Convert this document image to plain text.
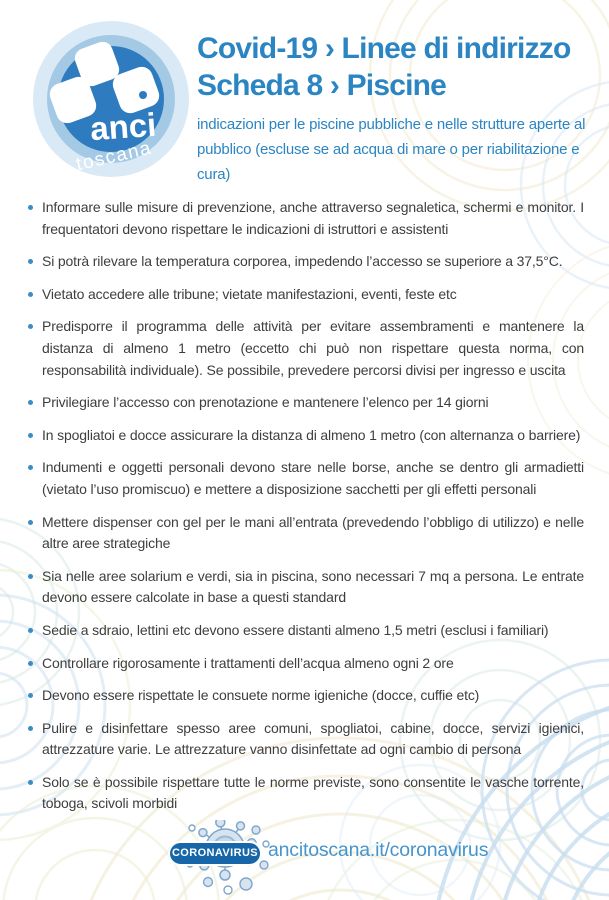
anci
toscana
Covid-19 › Linee di indirizzo
Scheda 8 › Piscine
indicazioni per le piscine pubbliche e nelle strutture aperte al pubblico (escluse se ad acqua di mare o per riabilitazione e cura)
Informare sulle misure di prevenzione, anche attraverso segnaletica, schermi e monitor. I frequentatori devono rispettare le indicazioni di istruttori e assistenti
Si potrà rilevare la temperatura corporea, impedendo l’accesso se superiore a 37,5°C.
Vietato accedere alle tribune; vietate manifestazioni, eventi, feste etc
Predisporre il programma delle attività per evitare assembramenti e mantenere la distanza di almeno 1 metro (eccetto chi può non rispettare questa norma, con responsabilità individuale). Se possibile, prevedere percorsi divisi per ingresso e uscita
Privilegiare l’accesso con prenotazione e mantenere l’elenco per 14 giorni
In spogliatoi e docce assicurare la distanza di almeno 1 metro (con alternanza o barriere)
Indumenti e oggetti personali devono stare nelle borse, anche se dentro gli armadietti (vietato l’uso promiscuo) e mettere a disposizione sacchetti per gli effetti personali
Mettere dispenser con gel per le mani all’entrata (prevedendo l’obbligo di utilizzo) e nelle altre aree strategiche
Sia nelle aree solarium e verdi, sia in piscina, sono necessari 7 mq a persona. Le entrate devono essere calcolate in base a questi standard
Sedie a sdraio, lettini etc devono essere distanti almeno 1,5 metri (esclusi i familiari)
Controllare rigorosamente i trattamenti dell’acqua almeno ogni 2 ore
Devono essere rispettate le consuete norme igieniche (docce, cuffie etc)
Pulire e disinfettare spesso aree comuni, spogliatoi, cabine, docce, servizi igienici, attrezzature varie. Le attrezzature vanno disinfettate ad ogni cambio di persona
Solo se è possibile rispettare tutte le norme previste, sono consentite le vasche torrente, toboga, scivoli morbidi
CORONAVIRUS ancitoscana.it/coronavirus
